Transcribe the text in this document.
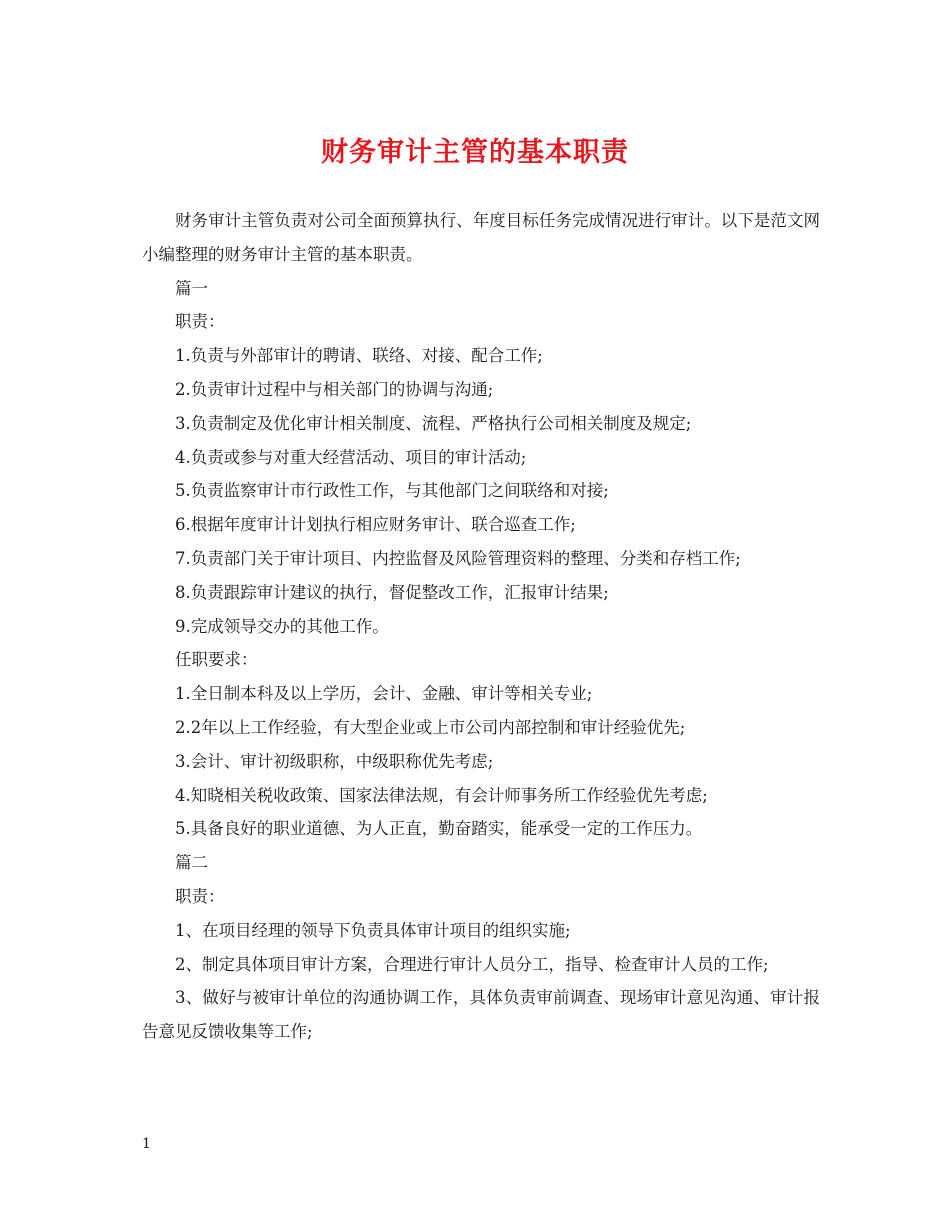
财务审计主管的基本职责

财务审计主管负责对公司全面预算执行、年度目标任务完成情况进行审计。以下是范文网小编整理的财务审计主管的基本职责。

篇一

职责：

1.负责与外部审计的聘请、联络、对接、配合工作;

2.负责审计过程中与相关部门的协调与沟通;

3.负责制定及优化审计相关制度、流程、严格执行公司相关制度及规定;

4.负责或参与对重大经营活动、项目的审计活动;

5.负责监察审计市行政性工作，与其他部门之间联络和对接;

6.根据年度审计计划执行相应财务审计、联合巡查工作;

7.负责部门关于审计项目、内控监督及风险管理资料的整理、分类和存档工作;

8.负责跟踪审计建议的执行，督促整改工作，汇报审计结果;

9.完成领导交办的其他工作。

任职要求：

1.全日制本科及以上学历，会计、金融、审计等相关专业;

2.2年以上工作经验，有大型企业或上市公司内部控制和审计经验优先;

3.会计、审计初级职称，中级职称优先考虑;

4.知晓相关税收政策、国家法律法规，有会计师事务所工作经验优先考虑;

5.具备良好的职业道德、为人正直，勤奋踏实，能承受一定的工作压力。

篇二

职责：

1、在项目经理的领导下负责具体审计项目的组织实施;

2、制定具体项目审计方案，合理进行审计人员分工，指导、检查审计人员的工作;

3、做好与被审计单位的沟通协调工作，具体负责审前调查、现场审计意见沟通、审计报告意见反馈收集等工作;

1
